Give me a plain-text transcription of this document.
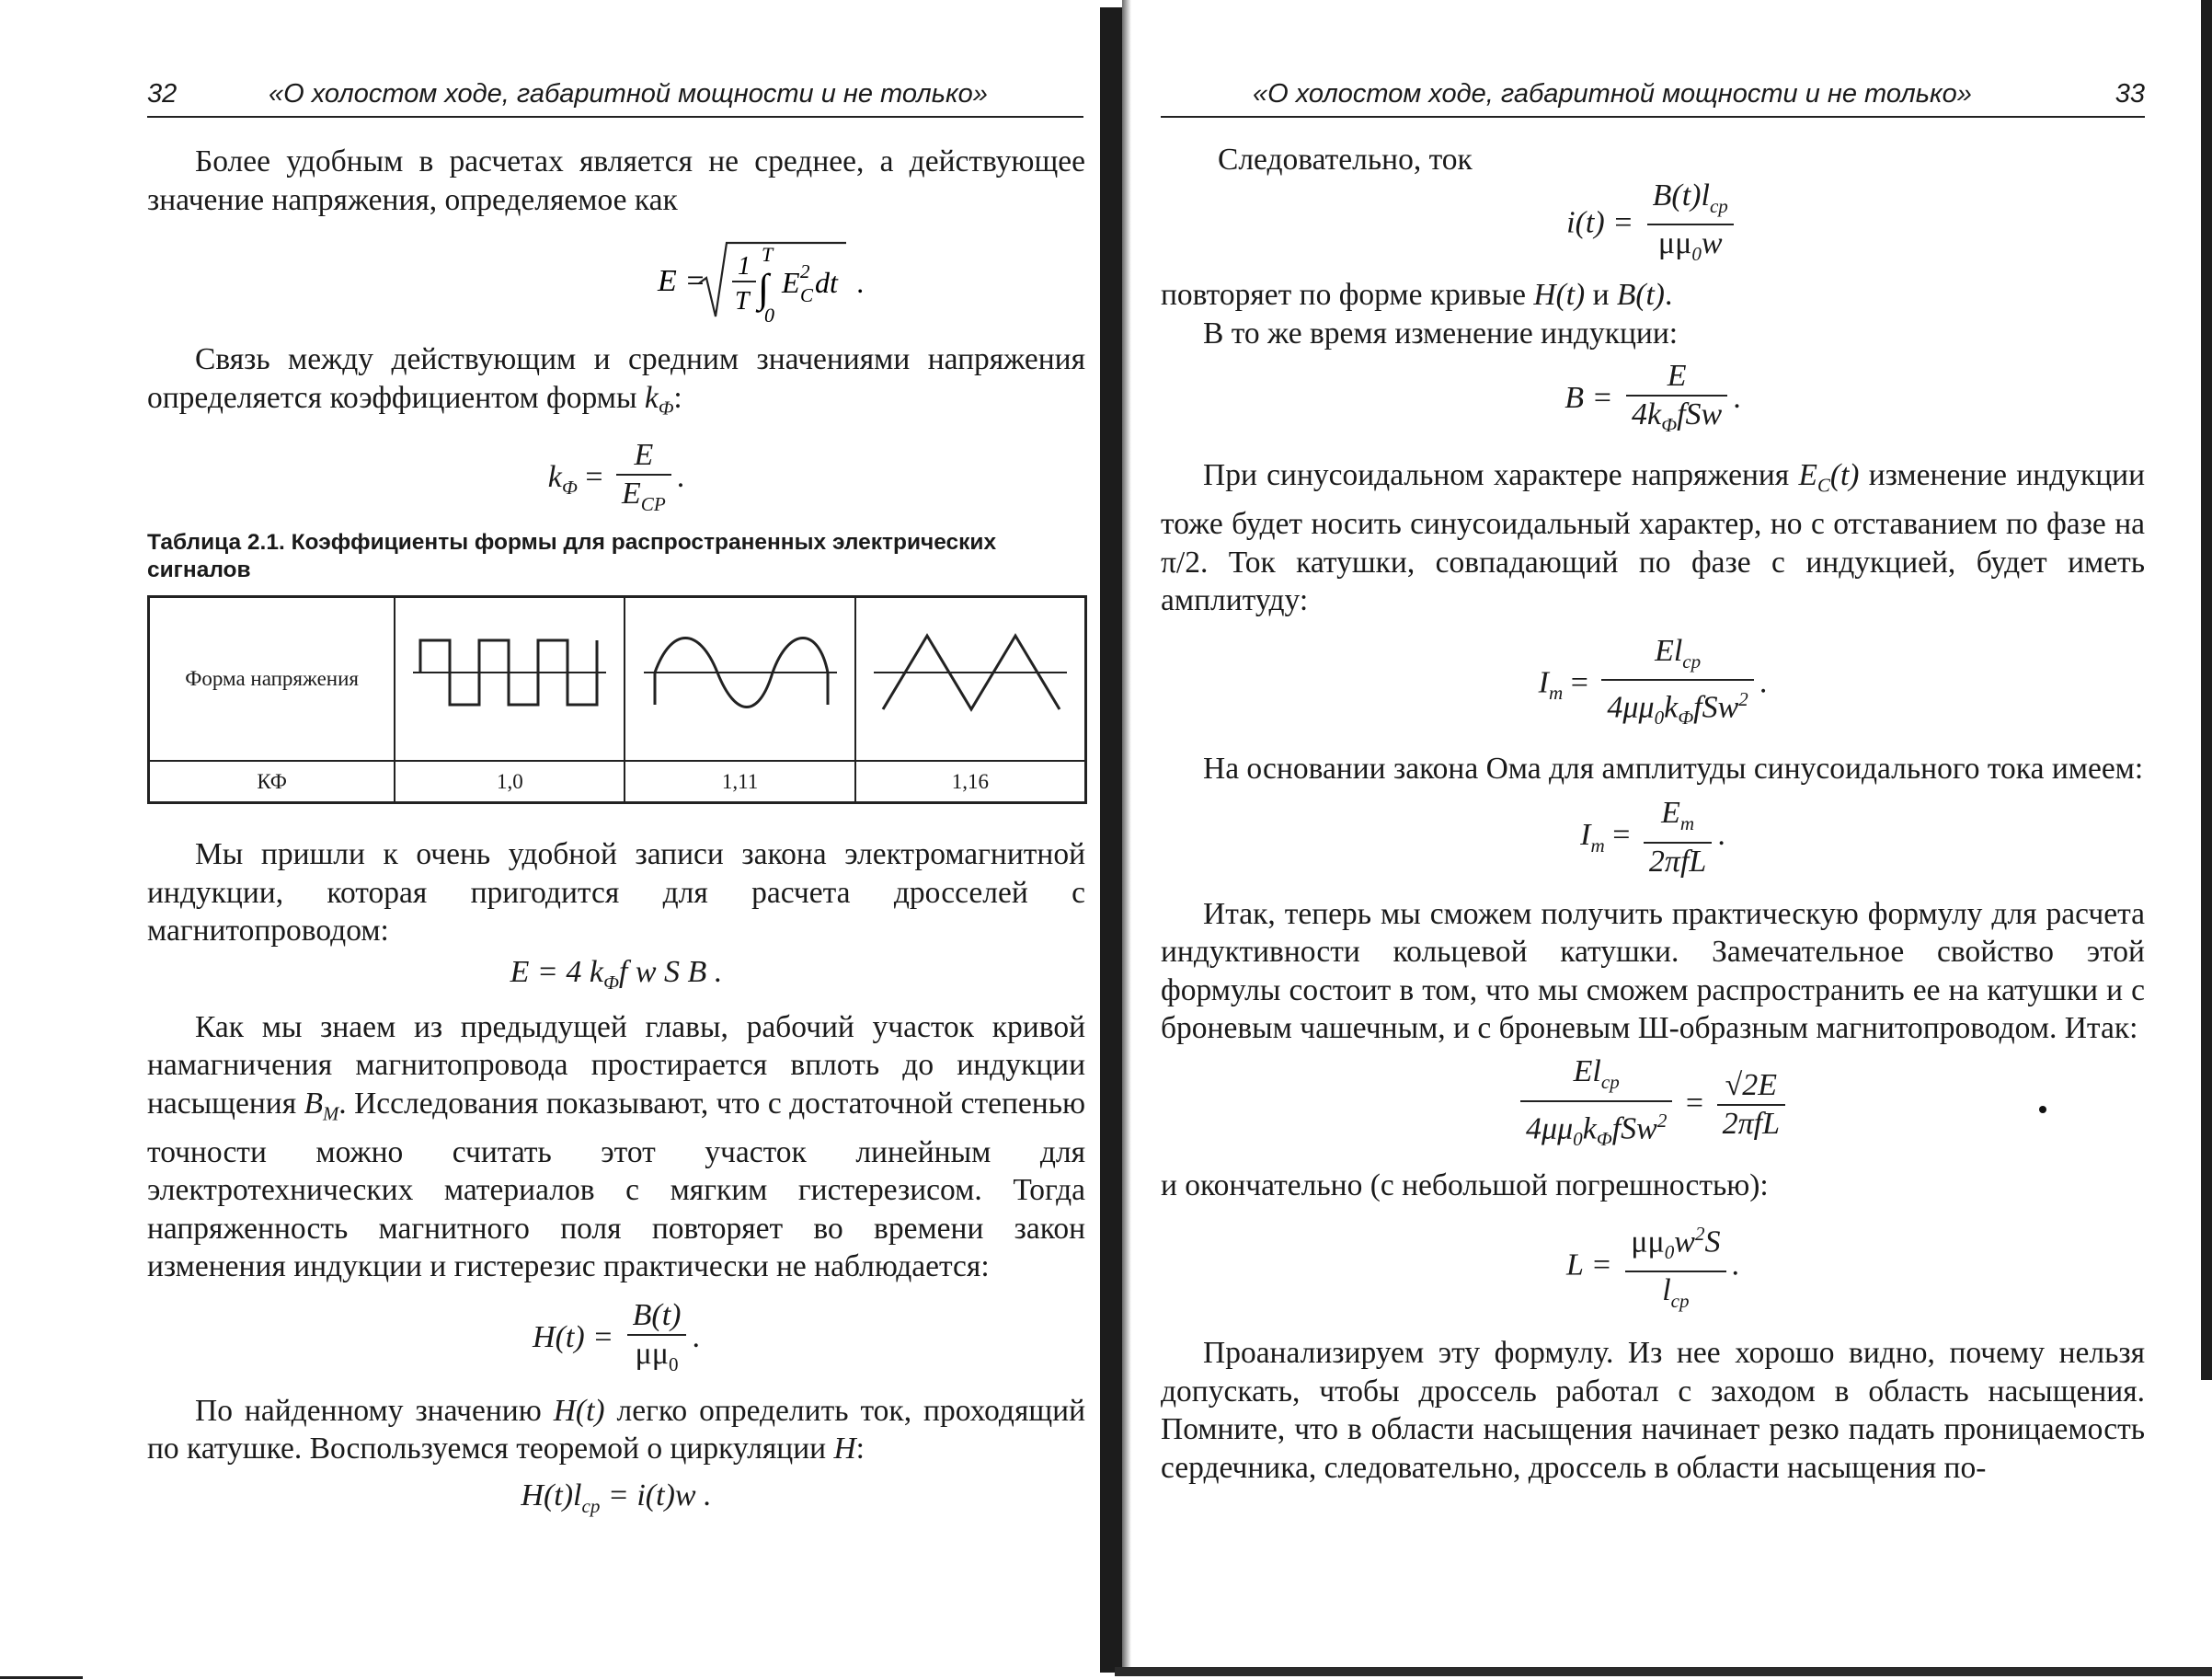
32	«О холостом ходе, габаритной мощности и не только»

Более удобным в расчетах является не среднее, а действующее значение напряжения, определяемое как

E = 1
T ∫
T
0
E 2
C dt .

Связь между действующим и средним значениями напряжения определяется коэффициентом формы $k_Ф$:

$k_Ф$ =
E
$E_{CP}$
.

Таблица 2.1. Коэффициенты формы для распространенных электрических сигналов

Форма напряжения			
КФ	1,0	1,11	1,16

Мы пришли к очень удобной записи закона электромагнитной индукции, которая пригодится для расчета дросселей с магнитопроводом:

E = 4 $k_Фf$ w S B .

Как мы знаем из предыдущей главы, рабочий участок кривой намагничения магнитопровода простирается вплоть до индукции насыщения $B_M$. Исследования показывают, что с достаточной степенью точности можно считать этот участок линейным для электротехнических материалов с мягким гистерезисом. Тогда напряженность магнитного поля повторяет во времени закон изменения индукции и гистерезис практически не наблюдается:

$H(t) = \frac{B(t)}{\mu\mu_0}$ .

По найденному значению H(t) легко определить ток, проходящий по катушке. Воспользуемся теоремой о циркуляции H:

$H(t)l_{cp} = i(t)w$ .
«О холостом ходе, габаритной мощности и не только»	33

Следовательно, ток

i(t) =
$B(t)l_{cp}$
$\mu\mu_0w$

повторяет по форме кривые H(t) и B(t).

В то же время изменение индукции:

B =
E
$4k_ФfSw$ .

При синусоидальном характере напряжения $E_C(t)$ изменение индукции тоже будет носить синусоидальный характер, но с отставанием по фазе на π/2. Ток катушки, совпадающий по фазе с индукцией, будет иметь амплитуду:

$I_m$ =
$El_{cp}$
$4\mu\mu_0k_ФfSw^2$
.

На основании закона Ома для амплитуды синусоидального тока имеем:

$I_m$ =
$E_m$
2πfL
.

Итак, теперь мы сможем получить практическую формулу для расчета индуктивности кольцевой катушки. Замечательное свойство этой формулы состоит в том, что мы сможем распространить ее на катушки и с броневым чашечным, и с броневым Ш-образным магнитопроводом. Итак:

$El_{cp}$
$4\mu\mu_0k_ФfSw^2$
=
√2E
2πfL

и окончательно (с небольшой погрешностью):

L =
$\mu\mu_0w^2S$
$l_{cp}$
.

Проанализируем эту формулу. Из нее хорошо видно, почему нельзя допускать, чтобы дроссель работал с заходом в область насыщения. Помните, что в области насыщения начинает резко падать проницаемость сердечника, следовательно, дроссель в области насыщения по-
